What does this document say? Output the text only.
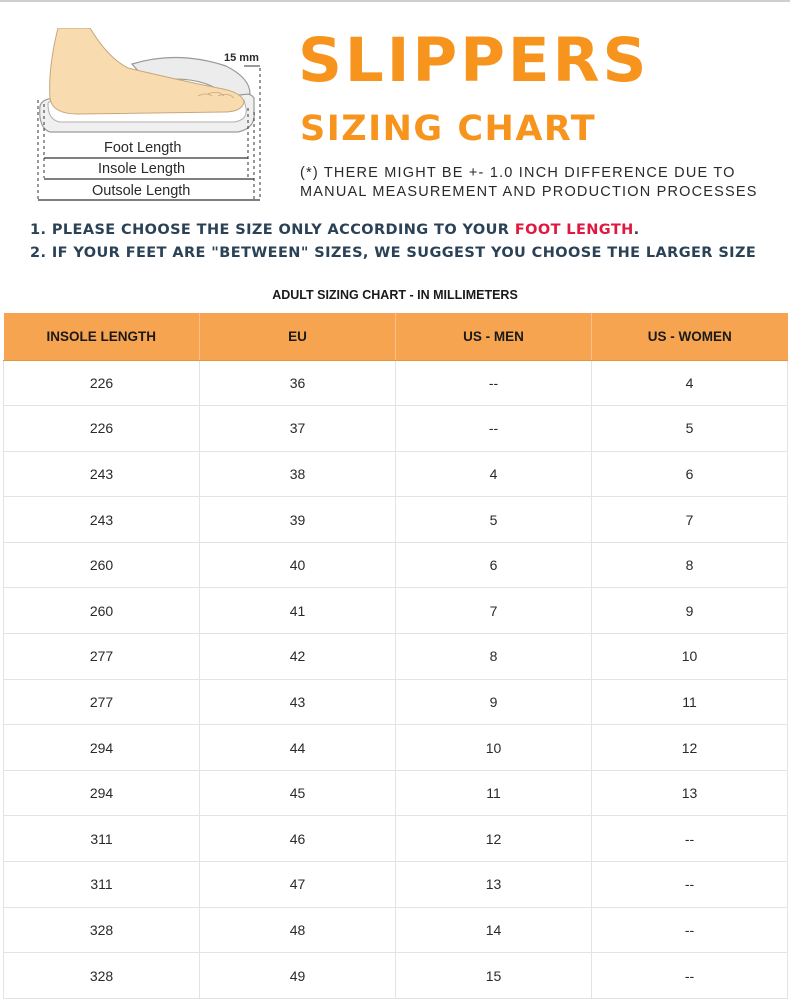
15 mm
Foot Length
Insole Length
Outsole Length
SLIPPERS
SIZING CHART
(*) THERE MIGHT BE +- 1.0 INCH DIFFERENCE DUE TO
MANUAL MEASUREMENT AND PRODUCTION PROCESSES
1. PLEASE CHOOSE THE SIZE ONLY ACCORDING TO YOUR FOOT LENGTH.
2. IF YOUR FEET ARE "BETWEEN" SIZES, WE SUGGEST YOU CHOOSE THE LARGER SIZE
ADULT SIZING CHART - IN MILLIMETERS
INSOLE LENGTH	EU	US - MEN	US - WOMEN
226	36	--	4
226	37	--	5
243	38	4	6
243	39	5	7
260	40	6	8
260	41	7	9
277	42	8	10
277	43	9	11
294	44	10	12
294	45	11	13
311	46	12	--
311	47	13	--
328	48	14	--
328	49	15	--
